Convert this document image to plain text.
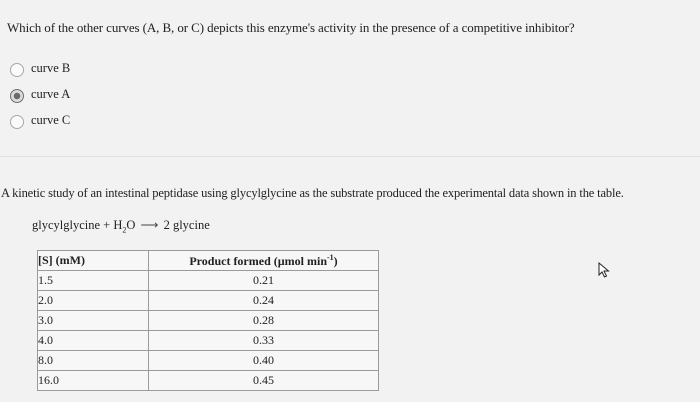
Which of the other curves (A, B, or C) depicts this enzyme's activity in the presence of a competitive inhibitor?
curve B
curve A
curve C
A kinetic study of an intestinal peptidase using glycylglycine as the substrate produced the experimental data shown in the table.
glycylglycine + $H_2O$ ⟶ 2 glycine
[S] (mM)	Product formed (µmol $\min^{-1}$)
1.5	0.21
2.0	0.24
3.0	0.28
4.0	0.33
8.0	0.40
16.0	0.45
